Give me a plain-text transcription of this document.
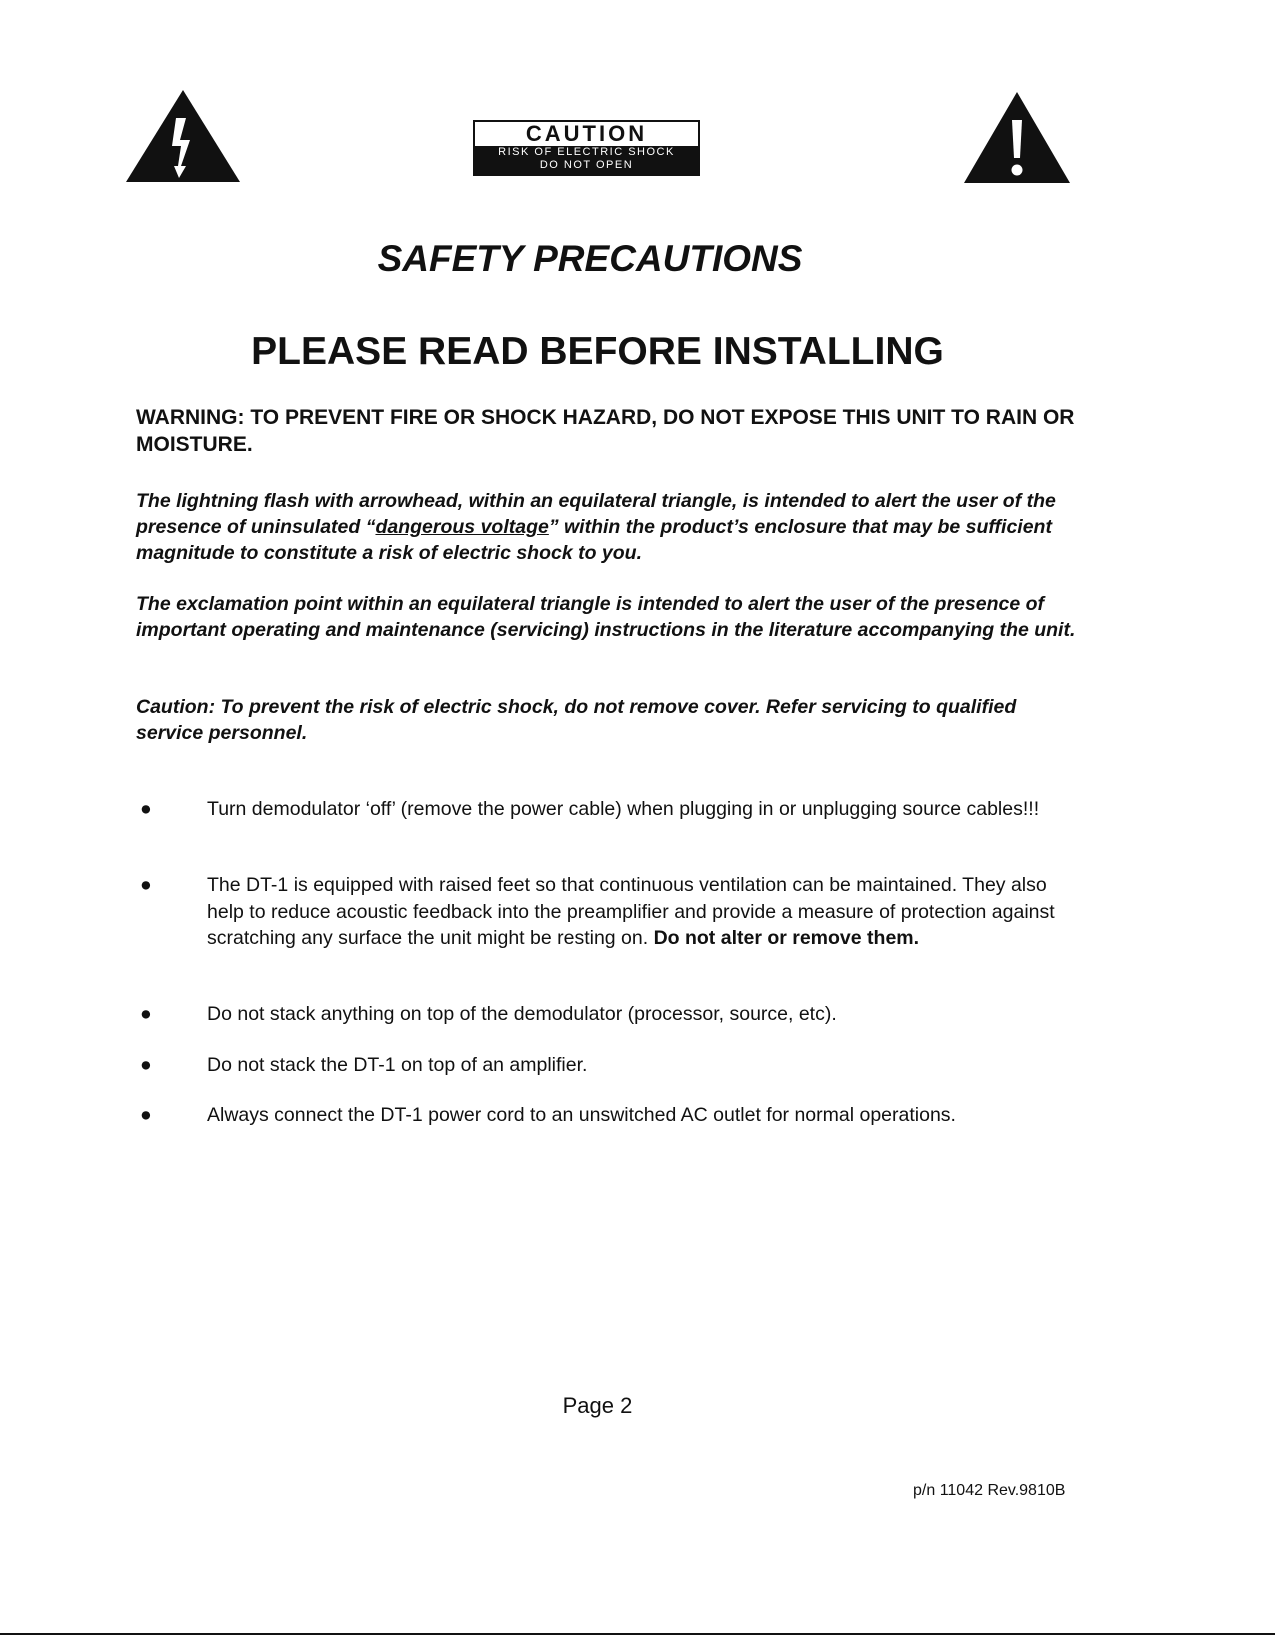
CAUTION
RISK OF ELECTRIC SHOCK
DO NOT OPEN
SAFETY PRECAUTIONS
PLEASE READ BEFORE INSTALLING
WARNING: TO PREVENT FIRE OR SHOCK HAZARD, DO NOT EXPOSE THIS UNIT TO RAIN OR MOISTURE.
The lightning flash with arrowhead, within an equilateral triangle, is intended to alert the user of the presence of uninsulated “dangerous voltage” within the product’s enclosure that may be sufficient magnitude to constitute a risk of electric shock to you.
The exclamation point within an equilateral triangle is intended to alert the user of the presence of important operating and maintenance (servicing) instructions in the literature accompanying the unit.
Caution: To prevent the risk of electric shock, do not remove cover. Refer servicing to qualified service personnel.
●	Turn demodulator ‘off’ (remove the power cable) when plugging in or unplugging source cables!!!
●	The DT-1 is equipped with raised feet so that continuous ventilation can be maintained. They also help to reduce acoustic feedback into the preamplifier and provide a measure of protection against scratching any surface the unit might be resting on. Do not alter or remove them.
●	Do not stack anything on top of the demodulator (processor, source, etc).
●	Do not stack the DT-1 on top of an amplifier.
●	Always connect the DT-1 power cord to an unswitched AC outlet for normal operations.
Page 2
p/n 11042 Rev.9810B
